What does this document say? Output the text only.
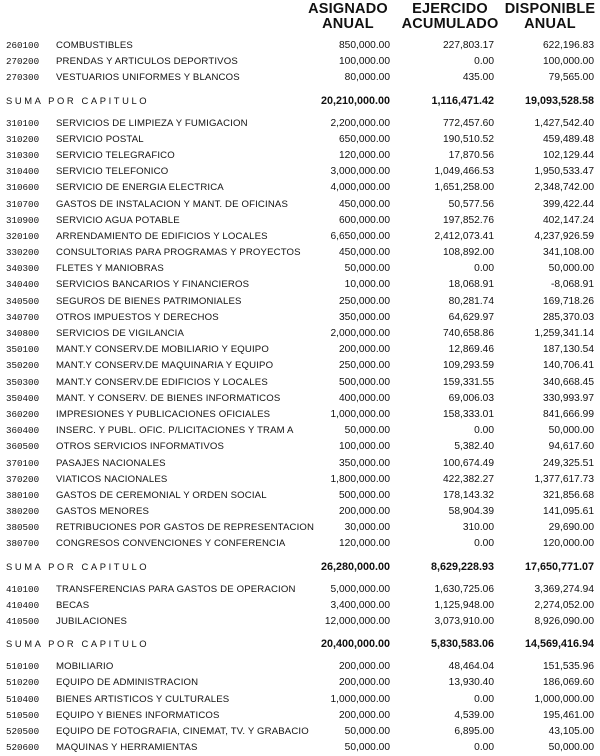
ASIGNADO
ANUAL
EJERCIDO
ACUMULADO
DISPONIBLE
ANUAL
260100	COMBUSTIBLES	850,000.00	227,803.17	622,196.83
270200	PRENDAS Y ARTICULOS DEPORTIVOS	100,000.00	0.00	100,000.00
270300	VESTUARIOS UNIFORMES Y BLANCOS	80,000.00	435.00	79,565.00
SUMA POR CAPITULO	20,210,000.00	1,116,471.42	19,093,528.58
310100	SERVICIOS DE LIMPIEZA Y FUMIGACION	2,200,000.00	772,457.60	1,427,542.40
310200	SERVICIO POSTAL	650,000.00	190,510.52	459,489.48
310300	SERVICIO TELEGRAFICO	120,000.00	17,870.56	102,129.44
310400	SERVICIO TELEFONICO	3,000,000.00	1,049,466.53	1,950,533.47
310600	SERVICIO DE ENERGIA ELECTRICA	4,000,000.00	1,651,258.00	2,348,742.00
310700	GASTOS DE INSTALACION Y MANT. DE OFICINAS	450,000.00	50,577.56	399,422.44
310900	SERVICIO AGUA POTABLE	600,000.00	197,852.76	402,147.24
320100	ARRENDAMIENTO DE EDIFICIOS Y LOCALES	6,650,000.00	2,412,073.41	4,237,926.59
330200	CONSULTORIAS PARA PROGRAMAS Y PROYECTOS	450,000.00	108,892.00	341,108.00
340300	FLETES Y MANIOBRAS	50,000.00	0.00	50,000.00
340400	SERVICIOS BANCARIOS Y FINANCIEROS	10,000.00	18,068.91	-8,068.91
340500	SEGUROS DE BIENES PATRIMONIALES	250,000.00	80,281.74	169,718.26
340700	OTROS IMPUESTOS Y DERECHOS	350,000.00	64,629.97	285,370.03
340800	SERVICIOS DE VIGILANCIA	2,000,000.00	740,658.86	1,259,341.14
350100	MANT.Y CONSERV.DE MOBILIARIO Y EQUIPO	200,000.00	12,869.46	187,130.54
350200	MANT.Y CONSERV.DE MAQUINARIA Y EQUIPO	250,000.00	109,293.59	140,706.41
350300	MANT.Y CONSERV.DE EDIFICIOS Y LOCALES	500,000.00	159,331.55	340,668.45
350400	MANT. Y CONSERV. DE BIENES INFORMATICOS	400,000.00	69,006.03	330,993.97
360200	IMPRESIONES Y PUBLICACIONES OFICIALES	1,000,000.00	158,333.01	841,666.99
360400	INSERC. Y PUBL. OFIC. P/LICITACIONES Y TRAM A	50,000.00	0.00	50,000.00
360500	OTROS SERVICIOS INFORMATIVOS	100,000.00	5,382.40	94,617.60
370100	PASAJES NACIONALES	350,000.00	100,674.49	249,325.51
370200	VIATICOS NACIONALES	1,800,000.00	422,382.27	1,377,617.73
380100	GASTOS DE CEREMONIAL Y ORDEN SOCIAL	500,000.00	178,143.32	321,856.68
380200	GASTOS MENORES	200,000.00	58,904.39	141,095.61
380500	RETRIBUCIONES POR GASTOS DE REPRESENTACION	30,000.00	310.00	29,690.00
380700	CONGRESOS CONVENCIONES Y CONFERENCIA	120,000.00	0.00	120,000.00
SUMA POR CAPITULO	26,280,000.00	8,629,228.93	17,650,771.07
410100	TRANSFERENCIAS PARA GASTOS DE OPERACION	5,000,000.00	1,630,725.06	3,369,274.94
410400	BECAS	3,400,000.00	1,125,948.00	2,274,052.00
410500	JUBILACIONES	12,000,000.00	3,073,910.00	8,926,090.00
SUMA POR CAPITULO	20,400,000.00	5,830,583.06	14,569,416.94
510100	MOBILIARIO	200,000.00	48,464.04	151,535.96
510200	EQUIPO DE ADMINISTRACION	200,000.00	13,930.40	186,069.60
510400	BIENES ARTISTICOS Y CULTURALES	1,000,000.00	0.00	1,000,000.00
510500	EQUIPO Y BIENES INFORMATICOS	200,000.00	4,539.00	195,461.00
520500	EQUIPO DE FOTOGRAFIA, CINEMAT, TV. Y GRABACIO	50,000.00	6,895.00	43,105.00
520600	MAQUINAS Y HERRAMIENTAS	50,000.00	0.00	50,000.00
